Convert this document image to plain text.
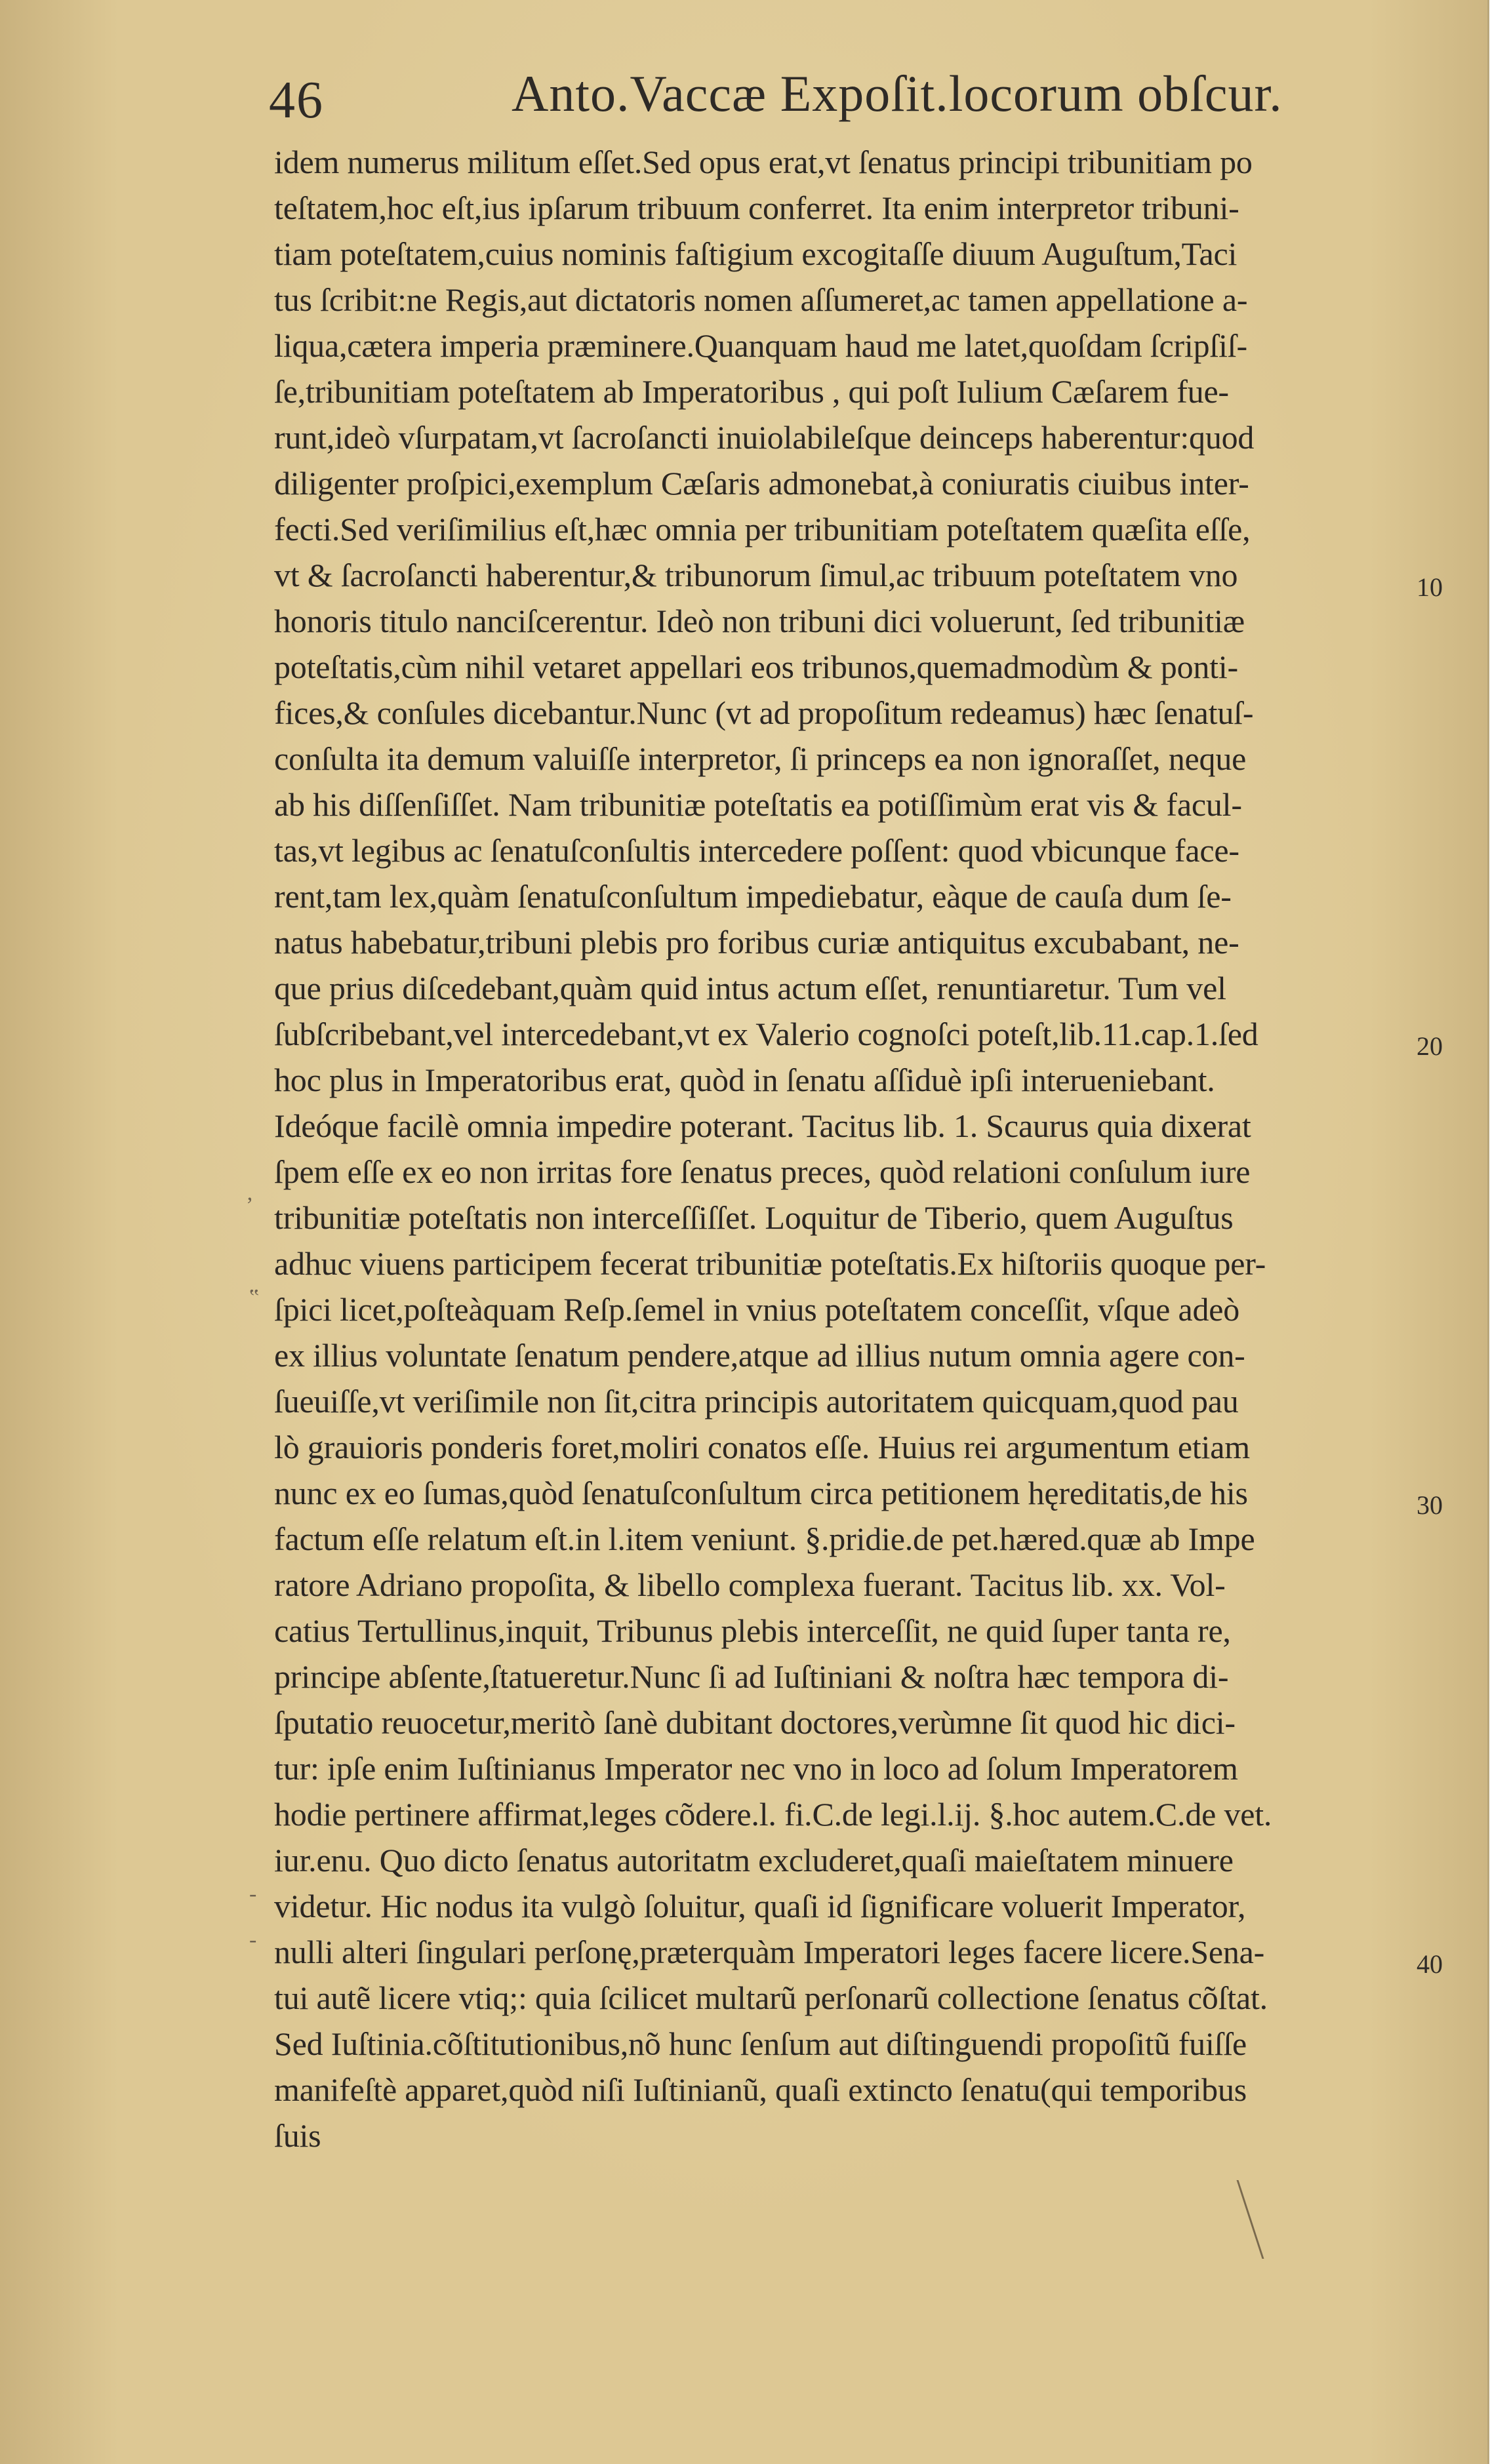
46	Anto.Vaccæ Expoſit.locorum obſcur.
idem numerus militum eſſet.Sed opus erat,vt ſenatus principi tribunitiam po
teſtatem,hoc eſt,ius ipſarum tribuum conferret. Ita enim interpretor tribuni-
tiam poteſtatem,cuius nominis faſtigium excogitaſſe diuum Auguſtum,Taci
tus ſcribit:ne Regis,aut dictatoris nomen aſſumeret,ac tamen appellatione a-
liqua,cætera imperia præminere.Quanquam haud me latet,quoſdam ſcripſiſ-
ſe,tribunitiam poteſtatem ab Imperatoribus , qui poſt Iulium Cæſarem fue-
runt,ideò vſurpatam,vt ſacroſancti inuiolabileſque deinceps haberentur:quod
diligenter proſpici,exemplum Cæſaris admonebat,à coniuratis ciuibus inter-
fecti.Sed veriſimilius eſt,hæc omnia per tribunitiam poteſtatem quæſita eſſe,
vt & ſacroſancti haberentur,& tribunorum ſimul,ac tribuum poteſtatem vno
honoris titulo nanciſcerentur. Ideò non tribuni dici voluerunt, ſed tribunitiæ
poteſtatis,cùm nihil vetaret appellari eos tribunos,quemadmodùm & ponti-
fices,& conſules dicebantur.Nunc (vt ad propoſitum redeamus) hæc ſenatuſ-
conſulta ita demum valuiſſe interpretor, ſi princeps ea non ignoraſſet, neque
ab his diſſenſiſſet. Nam tribunitiæ poteſtatis ea potiſſimùm erat vis & facul-
tas,vt legibus ac ſenatuſconſultis intercedere poſſent: quod vbicunque face-
rent,tam lex,quàm ſenatuſconſultum impediebatur, eàque de cauſa dum ſe-
natus habebatur,tribuni plebis pro foribus curiæ antiquitus excubabant, ne-
que prius diſcedebant,quàm quid intus actum eſſet, renuntiaretur. Tum vel
ſubſcribebant,vel intercedebant,vt ex Valerio cognoſci poteſt,lib.11.cap.1.ſed
hoc plus in Imperatoribus erat, quòd in ſenatu aſſiduè ipſi interueniebant.
Ideóque facilè omnia impedire poterant. Tacitus lib. 1. Scaurus quia dixerat
ſpem eſſe ex eo non irritas fore ſenatus preces, quòd relationi conſulum iure
tribunitiæ poteſtatis non interceſſiſſet. Loquitur de Tiberio, quem Auguſtus
adhuc viuens participem fecerat tribunitiæ poteſtatis.Ex hiſtoriis quoque per-
ſpici licet,poſteàquam Reſp.ſemel in vnius poteſtatem conceſſit, vſque adeò
ex illius voluntate ſenatum pendere,atque ad illius nutum omnia agere con-
ſueuiſſe,vt veriſimile non ſit,citra principis autoritatem quicquam,quod pau
lò grauioris ponderis foret,moliri conatos eſſe. Huius rei argumentum etiam
nunc ex eo ſumas,quòd ſenatuſconſultum circa petitionem hęreditatis,de his
factum eſſe relatum eſt.in l.item veniunt. §.pridie.de pet.hæred.quæ ab Impe
ratore Adriano propoſita, & libello complexa fuerant. Tacitus lib. xx. Vol-
catius Tertullinus,inquit, Tribunus plebis interceſſit, ne quid ſuper tanta re,
principe abſente,ſtatueretur.Nunc ſi ad Iuſtiniani & noſtra hæc tempora di-
ſputatio reuocetur,meritò ſanè dubitant doctores,verùmne ſit quod hic dici-
tur: ipſe enim Iuſtinianus Imperator nec vno in loco ad ſolum Imperatorem
hodie pertinere affirmat,leges cõdere.l. fi.C.de legi.l.ij. §.hoc autem.C.de vet.
iur.enu. Quo dicto ſenatus autoritatm excluderet,quaſi maieſtatem minuere
videtur. Hic nodus ita vulgò ſoluitur, quaſi id ſignificare voluerit Imperator,
nulli alteri ſingulari perſonę,præterquàm Imperatori leges facere licere.Sena-
tui autẽ licere vtiq;: quia ſcilicet multarũ perſonarũ collectione ſenatus cõſtat.
Sed Iuſtinia.cõſtitutionibus,nõ hunc ſenſum aut diſtinguendi propoſitũ fuiſſe
manifeſtè apparet,quòd niſi Iuſtinianũ, quaſi extincto ſenatu(qui temporibus
ſuis
10
20
30
40
ʼ
‟
-
-
